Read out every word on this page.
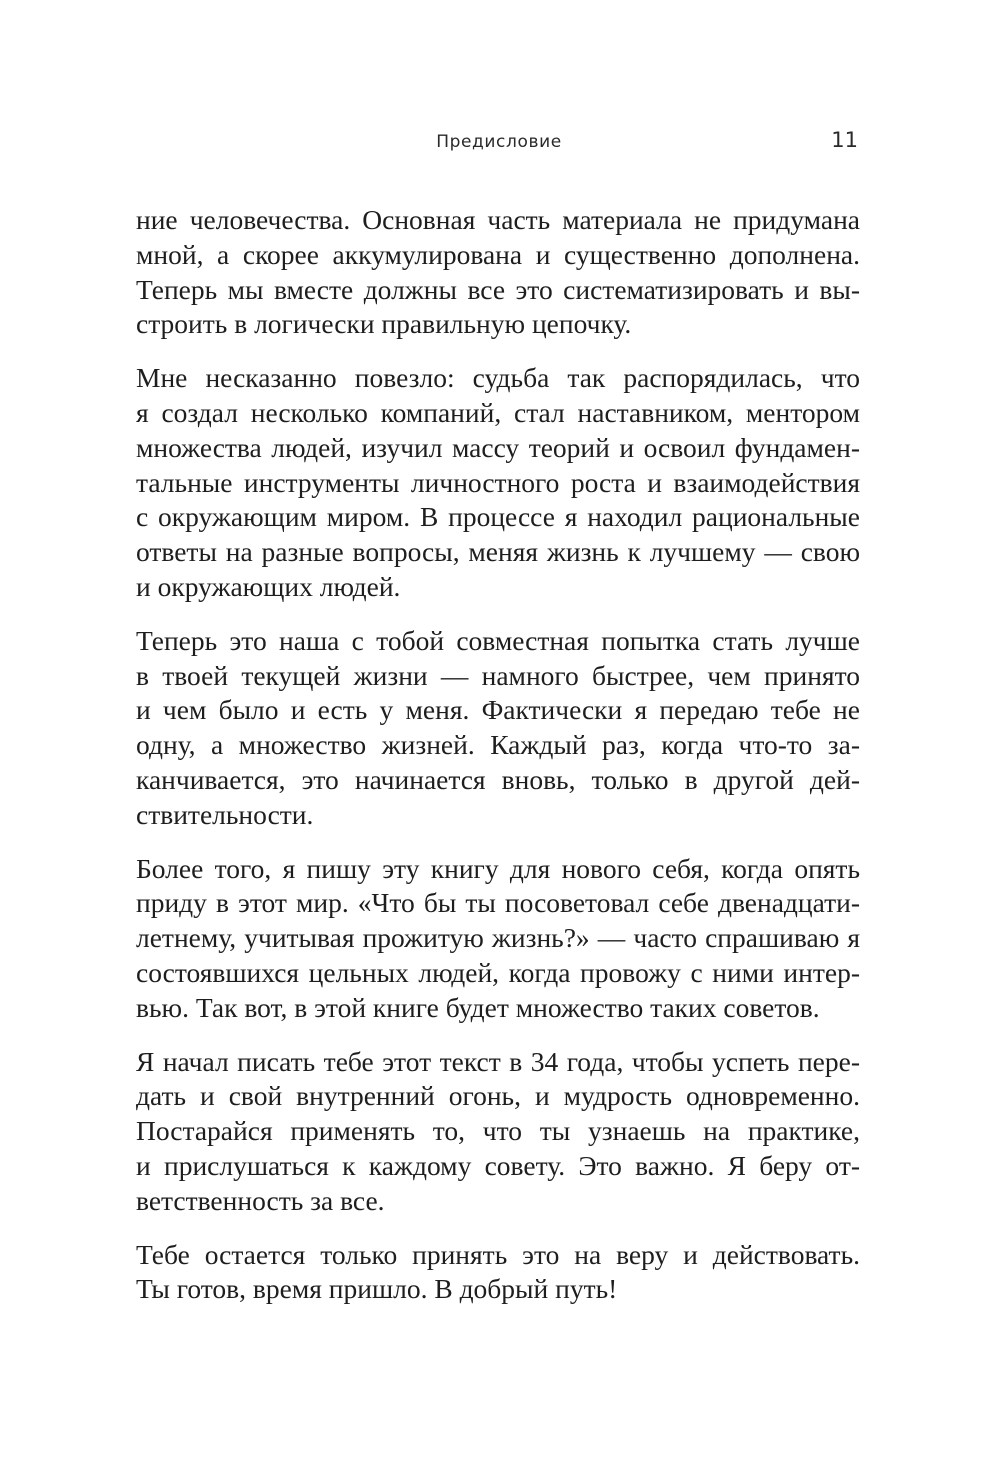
Предисловие	11
ние человечества. Основная часть материала не придумана
мной, а скорее аккумулирована и существенно дополнена.
Теперь мы вместе должны все это систематизировать и вы-
строить в логически правильную цепочку.
Мне несказанно повезло: судьба так распорядилась, что
я создал несколько компаний, стал наставником, ментором
множества людей, изучил массу теорий и освоил фундамен-
тальные инструменты личностного роста и взаимодействия
с окружающим миром. В процессе я находил рациональные
ответы на разные вопросы, меняя жизнь к лучшему — свою
и окружающих людей.
Теперь это наша с тобой совместная попытка стать лучше
в твоей текущей жизни — намного быстрее, чем принято
и чем было и есть у меня. Фактически я передаю тебе не
одну, а множество жизней. Каждый раз, когда что-то за-
канчивается, это начинается вновь, только в другой дей-
ствительности.
Более того, я пишу эту книгу для нового себя, когда опять
приду в этот мир. «Что бы ты посоветовал себе двенадцати-
летнему, учитывая прожитую жизнь?» — часто спрашиваю я
состоявшихся цельных людей, когда провожу с ними интер-
вью. Так вот, в этой книге будет множество таких советов.
Я начал писать тебе этот текст в 34 года, чтобы успеть пере-
дать и свой внутренний огонь, и мудрость одновременно.
Постарайся применять то, что ты узнаешь на практике,
и прислушаться к каждому совету. Это важно. Я беру от-
ветственность за все.
Тебе остается только принять это на веру и действовать.
Ты готов, время пришло. В добрый путь!
